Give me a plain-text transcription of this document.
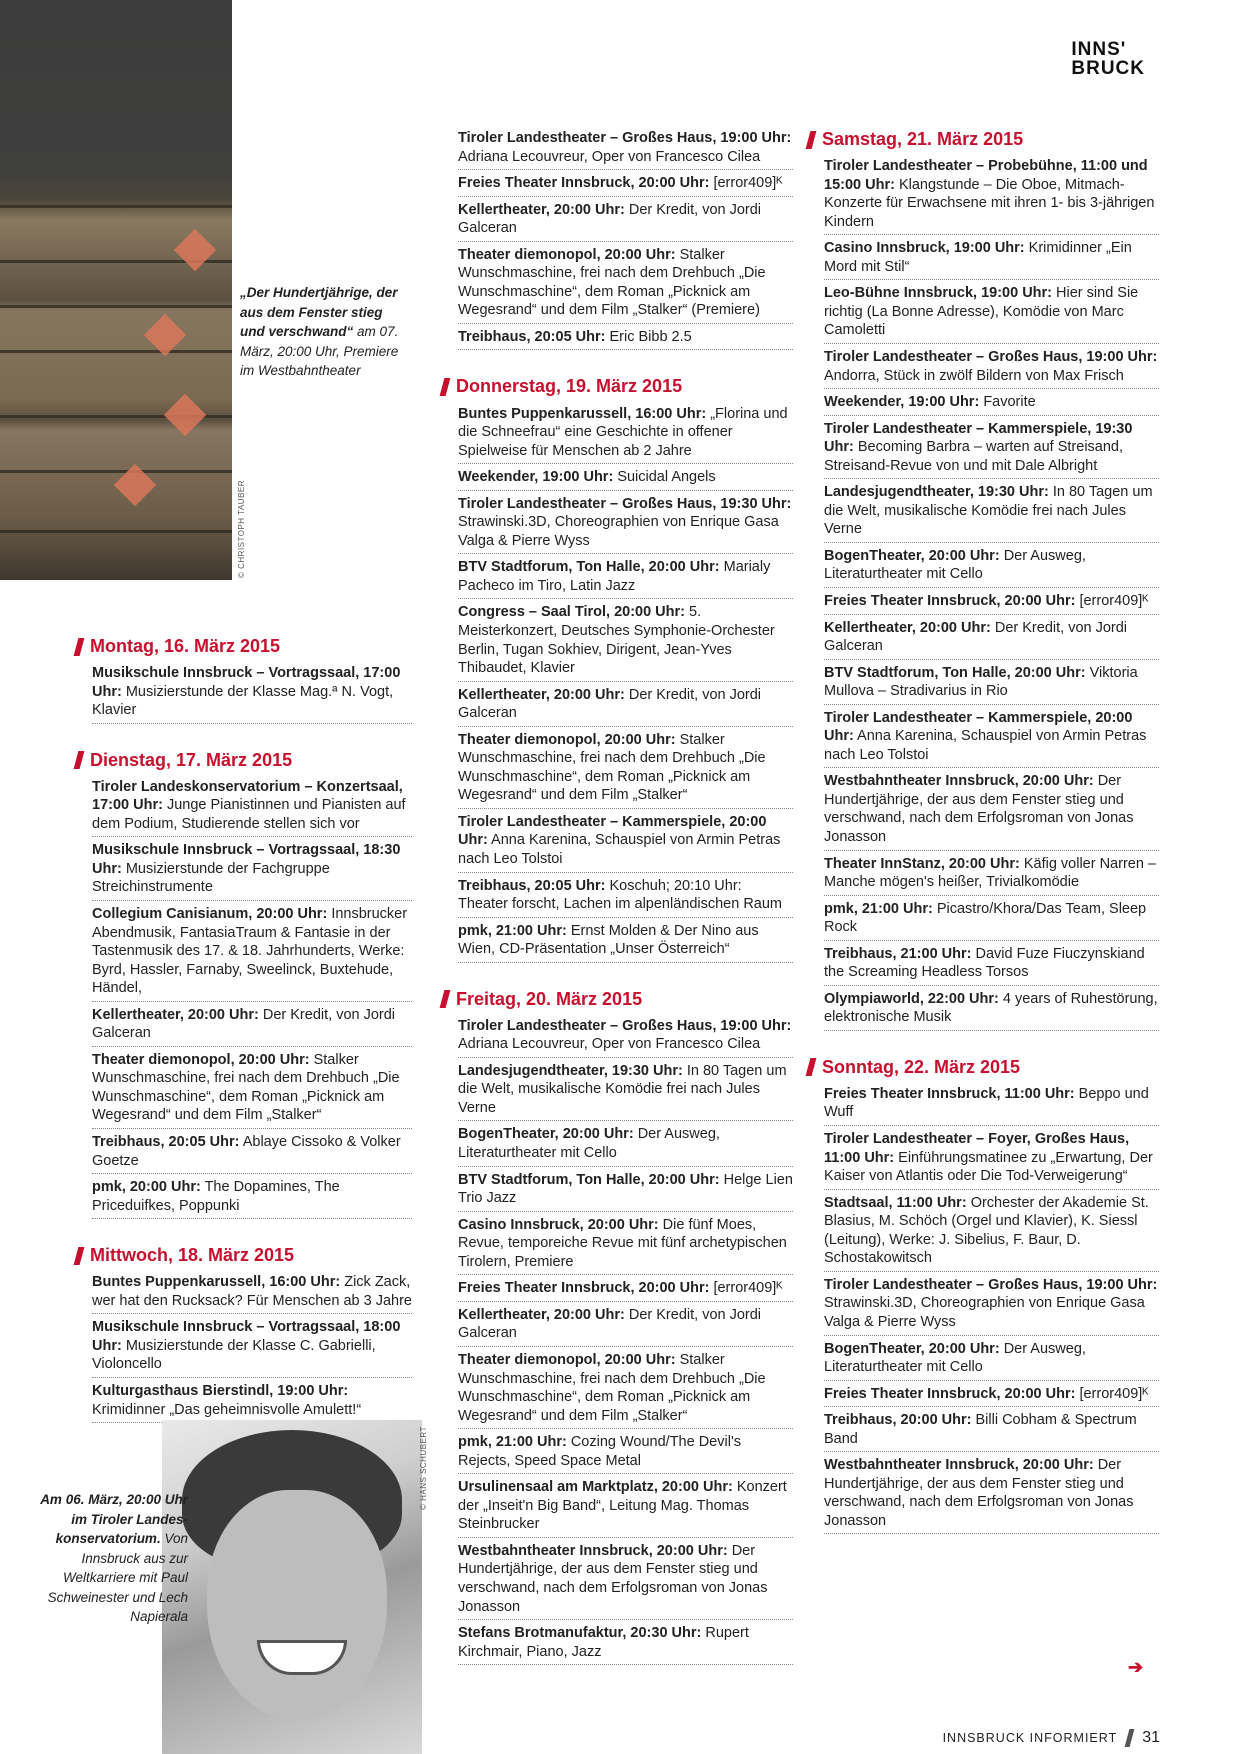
© CHRISTOPH TAUBER
„Der Hundertjährige, der aus dem Fenster stieg und verschwand“ am 07. März, 20:00 Uhr, Premiere im Westbahntheater
INNS'
BRUCK
Montag, 16. März 2015
Musikschule Innsbruck – Vortragssaal, 17:00 Uhr: Musizierstunde der Klasse Mag.ª N. Vogt, Klavier
Dienstag, 17. März 2015
Tiroler Landeskonservatorium – Konzertsaal, 17:00 Uhr: Junge Pianistinnen und Pianisten auf dem Podium, Studierende stellen sich vor
Musikschule Innsbruck – Vortragssaal, 18:30 Uhr: Musizierstunde der Fachgruppe Streichinstrumente
Collegium Canisianum, 20:00 Uhr: Innsbrucker Abendmusik, FantasiaTraum & Fantasie in der Tastenmusik des 17. & 18. Jahrhunderts, Werke: Byrd, Hassler, Farnaby, Sweelinck, Buxtehude, Händel,
Kellertheater, 20:00 Uhr: Der Kredit, von Jordi Galceran
Theater diemonopol, 20:00 Uhr: Stalker Wunschmaschine, frei nach dem Drehbuch „Die Wunschmaschine“, dem Roman „Picknick am Wegesrand“ und dem Film „Stalker“
Treibhaus, 20:05 Uhr: Ablaye Cissoko & Volker Goetze
pmk, 20:00 Uhr: The Dopamines, The Priceduifkes, Poppunki
Mittwoch, 18. März 2015
Buntes Puppenkarussell, 16:00 Uhr: Zick Zack, wer hat den Rucksack? Für Menschen ab 3 Jahre
Musikschule Innsbruck – Vortragssaal, 18:00 Uhr: Musizierstunde der Klasse C. Gabrielli, Violoncello
Kulturgasthaus Bierstindl, 19:00 Uhr: Krimidinner „Das geheimnisvolle Amulett!“
Tiroler Landestheater – Großes Haus, 19:00 Uhr: Adriana Lecouvreur, Oper von Francesco Cilea
Freies Theater Innsbruck, 20:00 Uhr: [error409]ᴷ
Kellertheater, 20:00 Uhr: Der Kredit, von Jordi Galceran
Theater diemonopol, 20:00 Uhr: Stalker Wunschmaschine, frei nach dem Drehbuch „Die Wunschmaschine“, dem Roman „Picknick am Wegesrand“ und dem Film „Stalker“ (Premiere)
Treibhaus, 20:05 Uhr: Eric Bibb 2.5
Donnerstag, 19. März 2015
Buntes Puppenkarussell, 16:00 Uhr: „Florina und die Schneefrau“ eine Geschichte in offener Spielweise für Menschen ab 2 Jahre
Weekender, 19:00 Uhr: Suicidal Angels
Tiroler Landestheater – Großes Haus, 19:30 Uhr: Strawinski.3D, Choreographien von Enrique Gasa Valga & Pierre Wyss
BTV Stadtforum, Ton Halle, 20:00 Uhr: Marialy Pacheco im Tiro, Latin Jazz
Congress – Saal Tirol, 20:00 Uhr: 5. Meisterkonzert, Deutsches Symphonie-Orchester Berlin, Tugan Sokhiev, Dirigent, Jean-Yves Thibaudet, Klavier
Kellertheater, 20:00 Uhr: Der Kredit, von Jordi Galceran
Theater diemonopol, 20:00 Uhr: Stalker Wunschmaschine, frei nach dem Drehbuch „Die Wunschmaschine“, dem Roman „Picknick am Wegesrand“ und dem Film „Stalker“
Tiroler Landestheater – Kammerspiele, 20:00 Uhr: Anna Karenina, Schauspiel von Armin Petras nach Leo Tolstoi
Treibhaus, 20:05 Uhr: Koschuh; 20:10 Uhr: Theater forscht, Lachen im alpenländischen Raum
pmk, 21:00 Uhr: Ernst Molden & Der Nino aus Wien, CD-Präsentation „Unser Österreich“
Freitag, 20. März 2015
Tiroler Landestheater – Großes Haus, 19:00 Uhr: Adriana Lecouvreur, Oper von Francesco Cilea
Landesjugendtheater, 19:30 Uhr: In 80 Tagen um die Welt, musikalische Komödie frei nach Jules Verne
BogenTheater, 20:00 Uhr: Der Ausweg, Literaturtheater mit Cello
BTV Stadtforum, Ton Halle, 20:00 Uhr: Helge Lien Trio Jazz
Casino Innsbruck, 20:00 Uhr: Die fünf Moes, Revue, temporeiche Revue mit fünf archetypischen Tirolern, Premiere
Freies Theater Innsbruck, 20:00 Uhr: [error409]ᴷ
Kellertheater, 20:00 Uhr: Der Kredit, von Jordi Galceran
Theater diemonopol, 20:00 Uhr: Stalker Wunschmaschine, frei nach dem Drehbuch „Die Wunschmaschine“, dem Roman „Picknick am Wegesrand“ und dem Film „Stalker“
pmk, 21:00 Uhr: Cozing Wound/The Devil's Rejects, Speed Space Metal
Ursulinensaal am Marktplatz, 20:00 Uhr: Konzert der „Inseit'n Big Band“, Leitung Mag. Thomas Steinbrucker
Westbahntheater Innsbruck, 20:00 Uhr: Der Hundertjährige, der aus dem Fenster stieg und verschwand, nach dem Erfolgsroman von Jonas Jonasson
Stefans Brotmanufaktur, 20:30 Uhr: Rupert Kirchmair, Piano, Jazz
Samstag, 21. März 2015
Tiroler Landestheater – Probebühne, 11:00 und 15:00 Uhr: Klangstunde – Die Oboe, Mitmach-Konzerte für Erwachsene mit ihren 1- bis 3-jährigen Kindern
Casino Innsbruck, 19:00 Uhr: Krimidinner „Ein Mord mit Stil“
Leo-Bühne Innsbruck, 19:00 Uhr: Hier sind Sie richtig (La Bonne Adresse), Komödie von Marc Camoletti
Tiroler Landestheater – Großes Haus, 19:00 Uhr: Andorra, Stück in zwölf Bildern von Max Frisch
Weekender, 19:00 Uhr: Favorite
Tiroler Landestheater – Kammerspiele, 19:30 Uhr: Becoming Barbra – warten auf Streisand, Streisand-Revue von und mit Dale Albright
Landesjugendtheater, 19:30 Uhr: In 80 Tagen um die Welt, musikalische Komödie frei nach Jules Verne
BogenTheater, 20:00 Uhr: Der Ausweg, Literaturtheater mit Cello
Freies Theater Innsbruck, 20:00 Uhr: [error409]ᴷ
Kellertheater, 20:00 Uhr: Der Kredit, von Jordi Galceran
BTV Stadtforum, Ton Halle, 20:00 Uhr: Viktoria Mullova – Stradivarius in Rio
Tiroler Landestheater – Kammerspiele, 20:00 Uhr: Anna Karenina, Schauspiel von Armin Petras nach Leo Tolstoi
Westbahntheater Innsbruck, 20:00 Uhr: Der Hundertjährige, der aus dem Fenster stieg und verschwand, nach dem Erfolgsroman von Jonas Jonasson
Theater InnStanz, 20:00 Uhr: Käfig voller Narren – Manche mögen's heißer, Trivialkomödie
pmk, 21:00 Uhr: Picastro/Khora/Das Team, Sleep Rock
Treibhaus, 21:00 Uhr: David Fuze Fiuczynskiand the Screaming Headless Torsos
Olympiaworld, 22:00 Uhr: 4 years of Ruhestörung, elektronische Musik
Sonntag, 22. März 2015
Freies Theater Innsbruck, 11:00 Uhr: Beppo und Wuff
Tiroler Landestheater – Foyer, Großes Haus, 11:00 Uhr: Einführungsmatinee zu „Erwartung, Der Kaiser von Atlantis oder Die Tod-Verweigerung“
Stadtsaal, 11:00 Uhr: Orchester der Akademie St. Blasius, M. Schöch (Orgel und Klavier), K. Siessl (Leitung), Werke: J. Sibelius, F. Baur, D. Schostakowitsch
Tiroler Landestheater – Großes Haus, 19:00 Uhr: Strawinski.3D, Choreographien von Enrique Gasa Valga & Pierre Wyss
BogenTheater, 20:00 Uhr: Der Ausweg, Literaturtheater mit Cello
Freies Theater Innsbruck, 20:00 Uhr: [error409]ᴷ
Treibhaus, 20:00 Uhr: Billi Cobham & Spectrum Band
Westbahntheater Innsbruck, 20:00 Uhr: Der Hundertjährige, der aus dem Fenster stieg und verschwand, nach dem Erfolgsroman von Jonas Jonasson
© HANS SCHUBERT
Am 06. März, 20:00 Uhr im Tiroler Landes-konservatorium. Von Innsbruck aus zur Weltkarriere mit Paul Schweinester und Lech Napierala
➔
INNSBRUCK INFORMIERT 31
